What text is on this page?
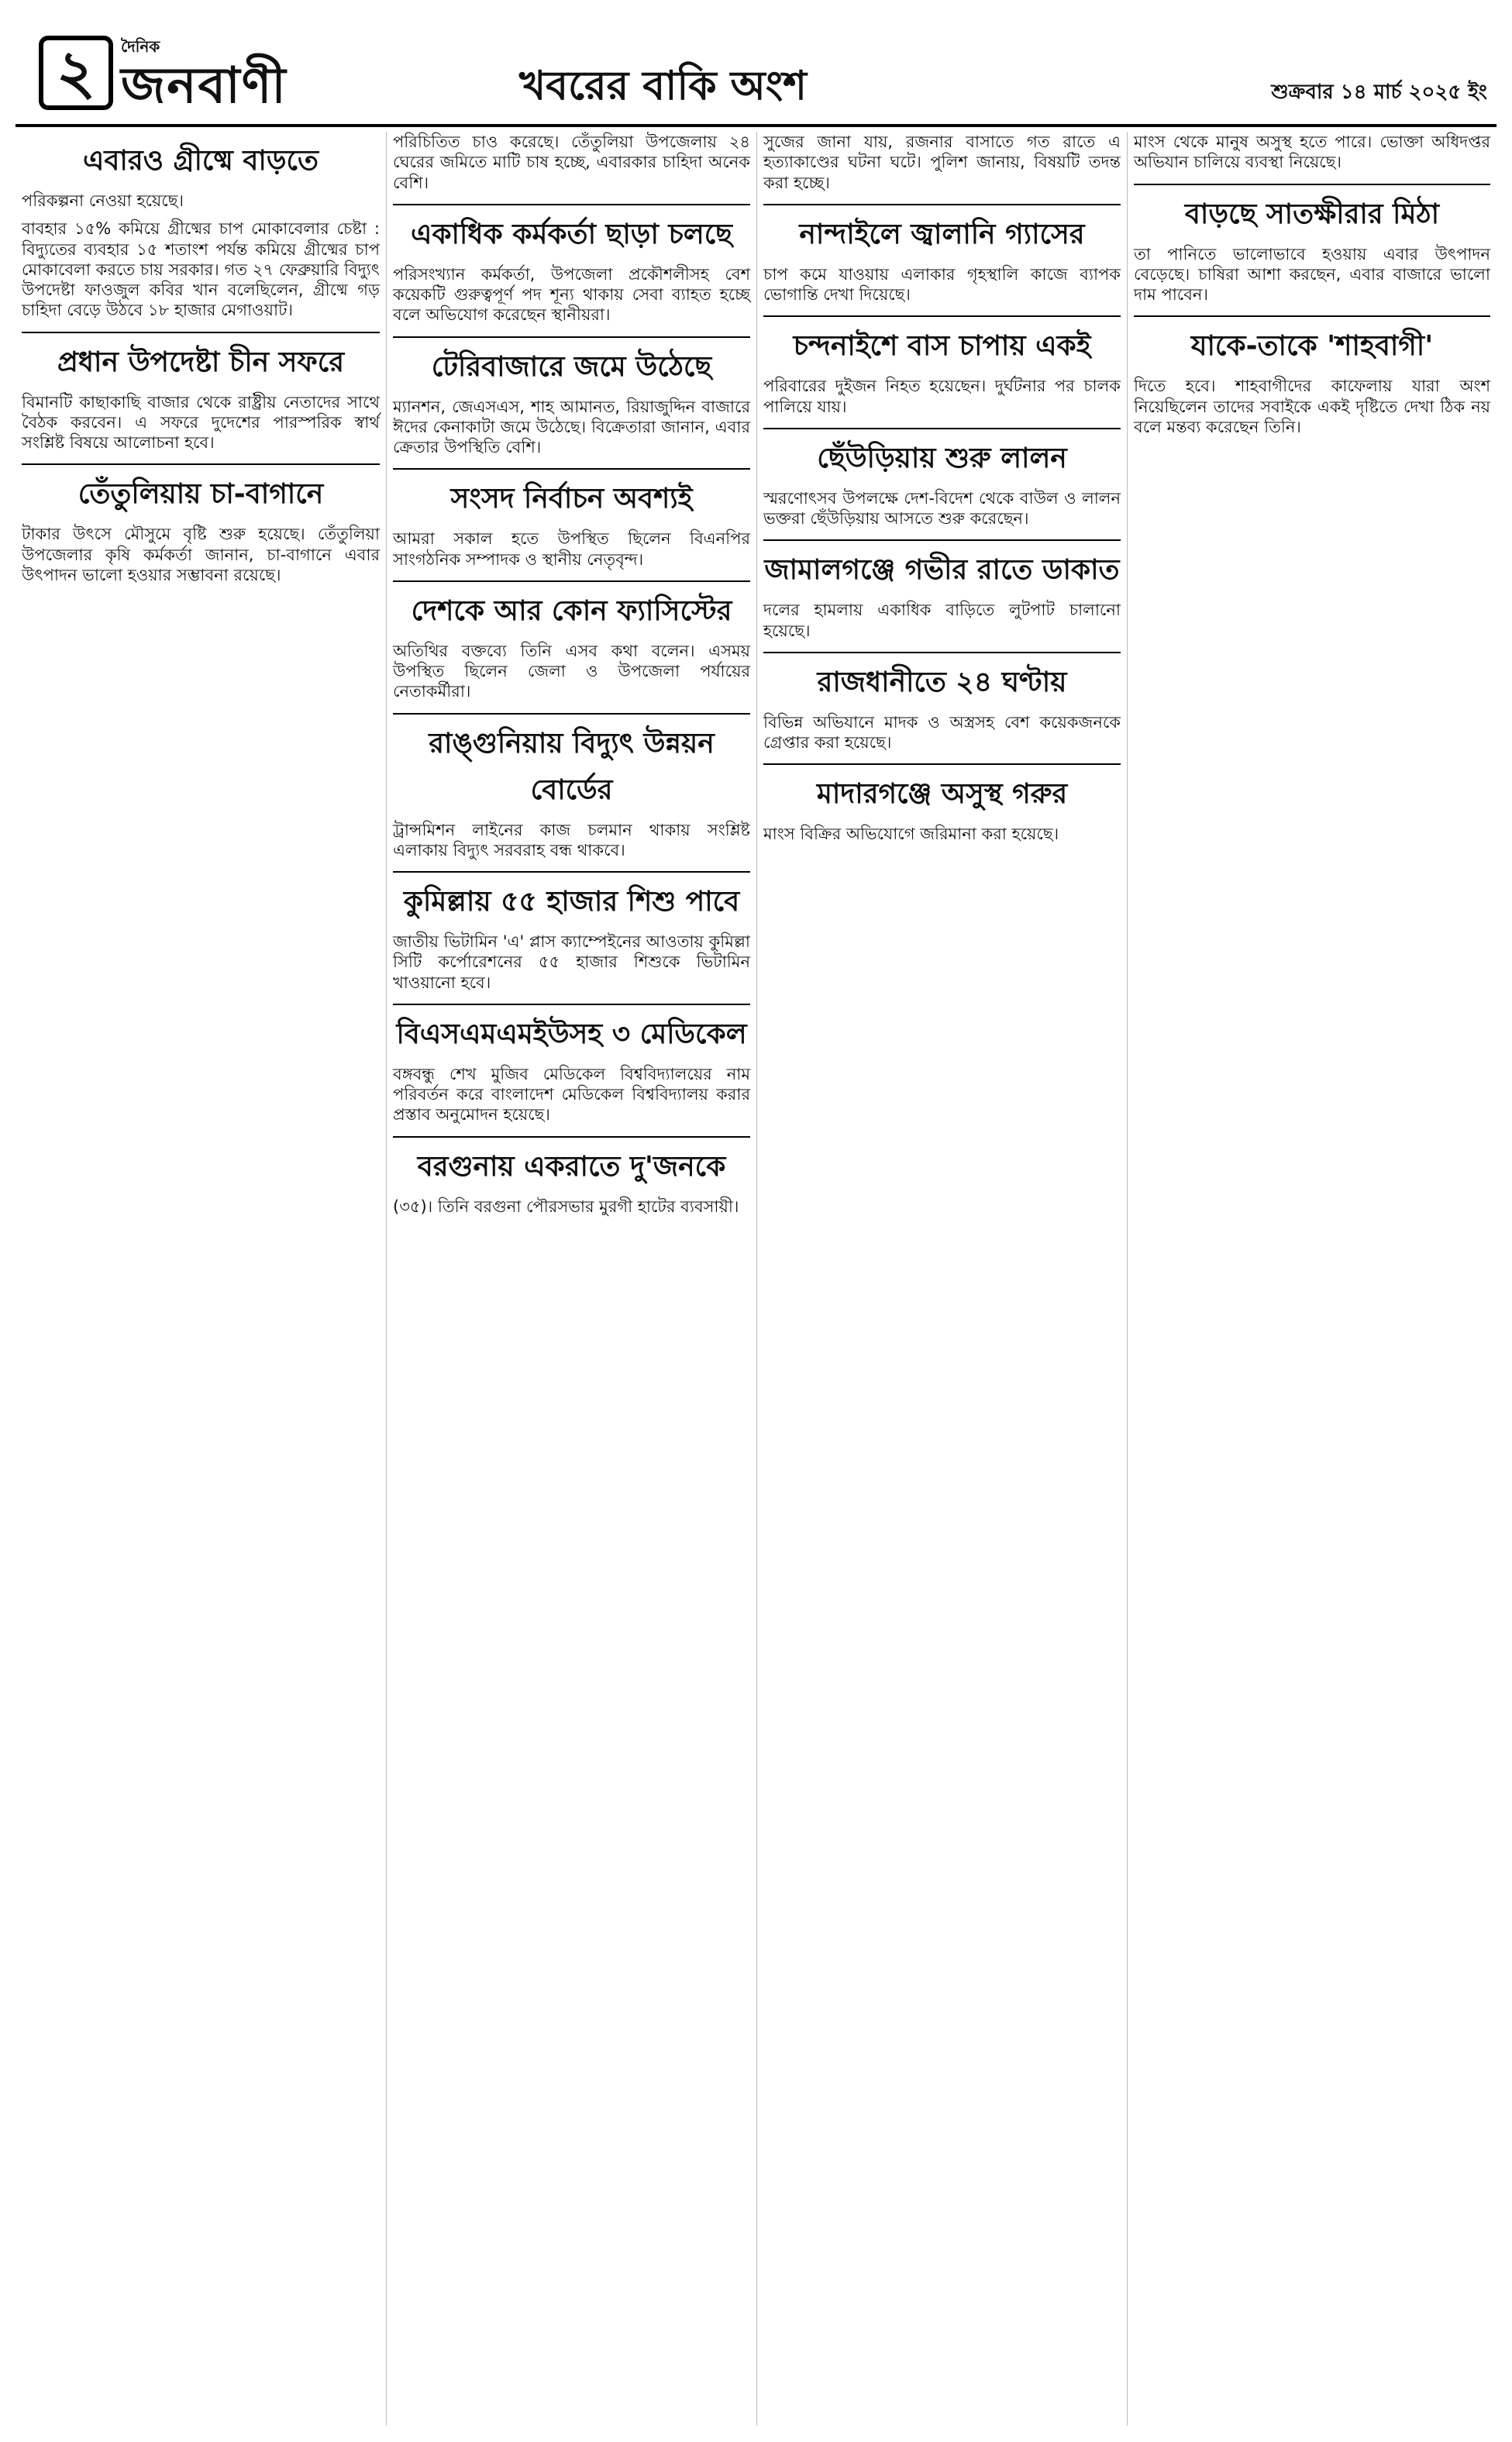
২	দৈনিক
জনবাণী	খবরের বাকি অংশ	শুক্রবার ১৪ মার্চ ২০২৫ ইং
এবারও গ্রীষ্মে বাড়তে

পরিকল্পনা নেওয়া হয়েছে।

বাবহার ১৫% কমিয়ে গ্রীষ্মের চাপ মোকাবেলার চেষ্টা : বিদ্যুতের ব্যবহার ১৫ শতাংশ পর্যন্ত কমিয়ে গ্রীষ্মের চাপ মোকাবেলা করতে চায় সরকার। গত ২৭ ফেব্রুয়ারি বিদ্যুৎ উপদেষ্টা ফাওজুল কবির খান বলেছিলেন, গ্রীষ্মে গড় চাহিদা বেড়ে উঠবে ১৮ হাজার মেগাওয়াট।

প্রধান উপদেষ্টা চীন সফরে

বিমানটি কাছাকাছি বাজার থেকে রাষ্ট্রীয় নেতাদের সাথে বৈঠক করবেন। এ সফরে দুদেশের পারস্পরিক স্বার্থ সংশ্লিষ্ট বিষয়ে আলোচনা হবে।

তেঁতুলিয়ায় চা-বাগানে

টাকার উৎসে মৌসুমে বৃষ্টি শুরু হয়েছে। তেঁতুলিয়া উপজেলার কৃষি কর্মকর্তা জানান, চা-বাগানে এবার উৎপাদন ভালো হওয়ার সম্ভাবনা রয়েছে।

পরিচিতিত চাও করেছে। তেঁতুলিয়া উপজেলায় ২৪ ঘেরের জমিতে মাটি চাষ হচ্ছে, এবারকার চাহিদা অনেক বেশি।

একাধিক কর্মকর্তা ছাড়া চলছে

পরিসংখ্যান কর্মকর্তা, উপজেলা প্রকৌশলীসহ বেশ কয়েকটি গুরুত্বপূর্ণ পদ শূন্য থাকায় সেবা ব্যাহত হচ্ছে বলে অভিযোগ করেছেন স্থানীয়রা।

টেরিবাজারে জমে উঠেছে

ম্যানশন, জেএসএস, শাহ আমানত, রিয়াজুদ্দিন বাজারে ঈদের কেনাকাটা জমে উঠেছে। বিক্রেতারা জানান, এবার ক্রেতার উপস্থিতি বেশি।

সংসদ নির্বাচন অবশ্যই

আমরা সকাল হতে উপস্থিত ছিলেন বিএনপির সাংগঠনিক সম্পাদক ও স্থানীয় নেতৃবৃন্দ।

দেশকে আর কোন ফ্যাসিস্টের

অতিথির বক্তব্যে তিনি এসব কথা বলেন। এসময় উপস্থিত ছিলেন জেলা ও উপজেলা পর্যায়ের নেতাকর্মীরা।

রাঙ্গুনিয়ায় বিদ্যুৎ উন্নয়ন বোর্ডের

ট্রান্সমিশন লাইনের কাজ চলমান থাকায় সংশ্লিষ্ট এলাকায় বিদ্যুৎ সরবরাহ বন্ধ থাকবে।

কুমিল্লায় ৫৫ হাজার শিশু পাবে

জাতীয় ভিটামিন 'এ' প্লাস ক্যাম্পেইনের আওতায় কুমিল্লা সিটি কর্পোরেশনের ৫৫ হাজার শিশুকে ভিটামিন খাওয়ানো হবে।

বিএসএমএমইউসহ ৩ মেডিকেল

বঙ্গবন্ধু শেখ মুজিব মেডিকেল বিশ্ববিদ্যালয়ের নাম পরিবর্তন করে বাংলাদেশ মেডিকেল বিশ্ববিদ্যালয় করার প্রস্তাব অনুমোদন হয়েছে।

বরগুনায় একরাতে দু'জনকে

(৩৫)। তিনি বরগুনা পৌরসভার মুরগী হাটের ব্যবসায়ী।

সুজের জানা যায়, রজনার বাসাতে গত রাতে এ হত্যাকাণ্ডের ঘটনা ঘটে। পুলিশ জানায়, বিষয়টি তদন্ত করা হচ্ছে।

নান্দাইলে জ্বালানি গ্যাসের

চাপ কমে যাওয়ায় এলাকার গৃহস্থালি কাজে ব্যাপক ভোগান্তি দেখা দিয়েছে।

চন্দনাইশে বাস চাপায় একই

পরিবারের দুইজন নিহত হয়েছেন। দুর্ঘটনার পর চালক পালিয়ে যায়।

ছেঁউড়িয়ায় শুরু লালন

স্মরণোৎসব উপলক্ষে দেশ-বিদেশ থেকে বাউল ও লালন ভক্তরা ছেঁউড়িয়ায় আসতে শুরু করেছেন।

জামালগঞ্জে গভীর রাতে ডাকাত

দলের হামলায় একাধিক বাড়িতে লুটপাট চালানো হয়েছে।

রাজধানীতে ২৪ ঘণ্টায়

বিভিন্ন অভিযানে মাদক ও অস্ত্রসহ বেশ কয়েকজনকে গ্রেপ্তার করা হয়েছে।

মাদারগঞ্জে অসুস্থ গরুর

মাংস বিক্রির অভিযোগে জরিমানা করা হয়েছে।

মাংস থেকে মানুষ অসুস্থ হতে পারে। ভোক্তা অধিদপ্তর অভিযান চালিয়ে ব্যবস্থা নিয়েছে।

বাড়ছে সাতক্ষীরার মিঠা

তা পানিতে ভালোভাবে হওয়ায় এবার উৎপাদন বেড়েছে। চাষিরা আশা করছেন, এবার বাজারে ভালো দাম পাবেন।

যাকে-তাকে 'শাহবাগী'

দিতে হবে। শাহবাগীদের কাফেলায় যারা অংশ নিয়েছিলেন তাদের সবাইকে একই দৃষ্টিতে দেখা ঠিক নয় বলে মন্তব্য করেছেন তিনি।
